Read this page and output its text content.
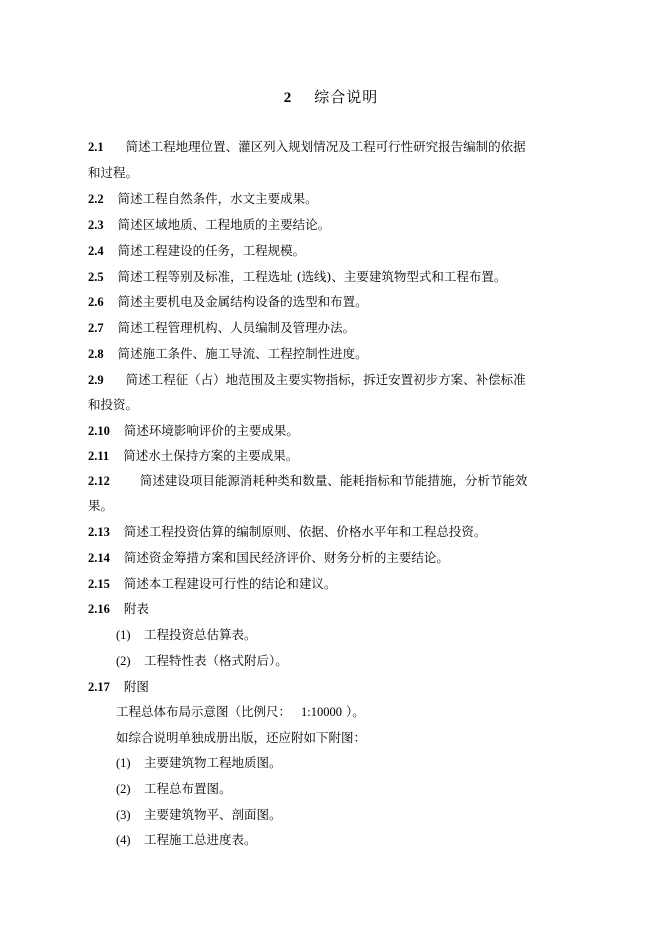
2 综合说明
2.1 简述工程地理位置、灌区列入规划情况及工程可行性研究报告编制的依据
和过程。
2.2 简述工程自然条件，水文主要成果。
2.3 简述区域地质、工程地质的主要结论。
2.4 简述工程建设的任务，工程规模。
2.5 简述工程等别及标准，工程选址 (选线)、主要建筑物型式和工程布置。
2.6 简述主要机电及金属结构设备的选型和布置。
2.7 简述工程管理机构、人员编制及管理办法。
2.8 简述施工条件、施工导流、工程控制性进度。
2.9 简述工程征（占）地范围及主要实物指标，拆迁安置初步方案、补偿标准
和投资。
2.10 简述环境影响评价的主要成果。
2.11 简述水土保持方案的主要成果。
2.12 简述建设项目能源消耗种类和数量、能耗指标和节能措施，分析节能效
果。
2.13 简述工程投资估算的编制原则、依据、价格水平年和工程总投资。
2.14 简述资金筹措方案和国民经济评价、财务分析的主要结论。
2.15 简述本工程建设可行性的结论和建议。
2.16 附表
(1) 工程投资总估算表。
(2) 工程特性表（格式附后）。
2.17 附图
工程总体布局示意图（比例尺： 1:10000 ）。
如综合说明单独成册出版，还应附如下附图：
(1) 主要建筑物工程地质图。
(2) 工程总布置图。
(3) 主要建筑物平、剖面图。
(4) 工程施工总进度表。
